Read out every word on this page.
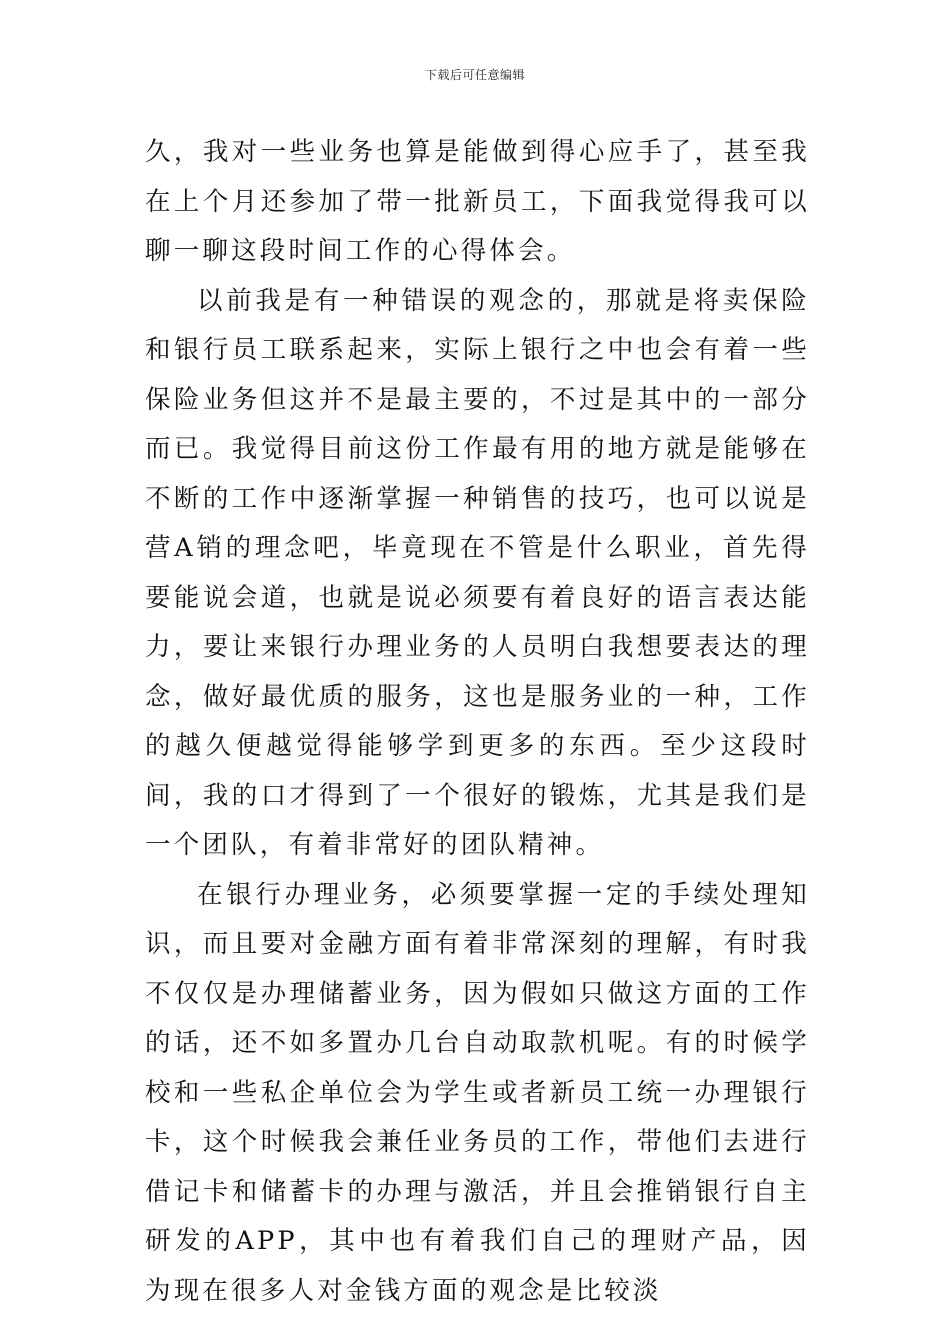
下载后可任意编辑

久，我对一些业务也算是能做到得心应手了，甚至我在上个月还参加了带一批新员工，下面我觉得我可以聊一聊这段时间工作的心得体会。

以前我是有一种错误的观念的，那就是将卖保险和银行员工联系起来，实际上银行之中也会有着一些保险业务但这并不是最主要的，不过是其中的一部分而已。我觉得目前这份工作最有用的地方就是能够在不断的工作中逐渐掌握一种销售的技巧，也可以说是营A销的理念吧，毕竟现在不管是什么职业，首先得要能说会道，也就是说必须要有着良好的语言表达能力，要让来银行办理业务的人员明白我想要表达的理念，做好最优质的服务，这也是服务业的一种，工作的越久便越觉得能够学到更多的东西。至少这段时间，我的口才得到了一个很好的锻炼，尤其是我们是一个团队，有着非常好的团队精神。

在银行办理业务，必须要掌握一定的手续处理知识，而且要对金融方面有着非常深刻的理解，有时我不仅仅是办理储蓄业务，因为假如只做这方面的工作的话，还不如多置办几台自动取款机呢。有的时候学校和一些私企单位会为学生或者新员工统一办理银行卡，这个时候我会兼任业务员的工作，带他们去进行借记卡和储蓄卡的办理与激活，并且会推销银行自主研发的APP，其中也有着我们自己的理财产品，因为现在很多人对金钱方面的观念是比较淡
